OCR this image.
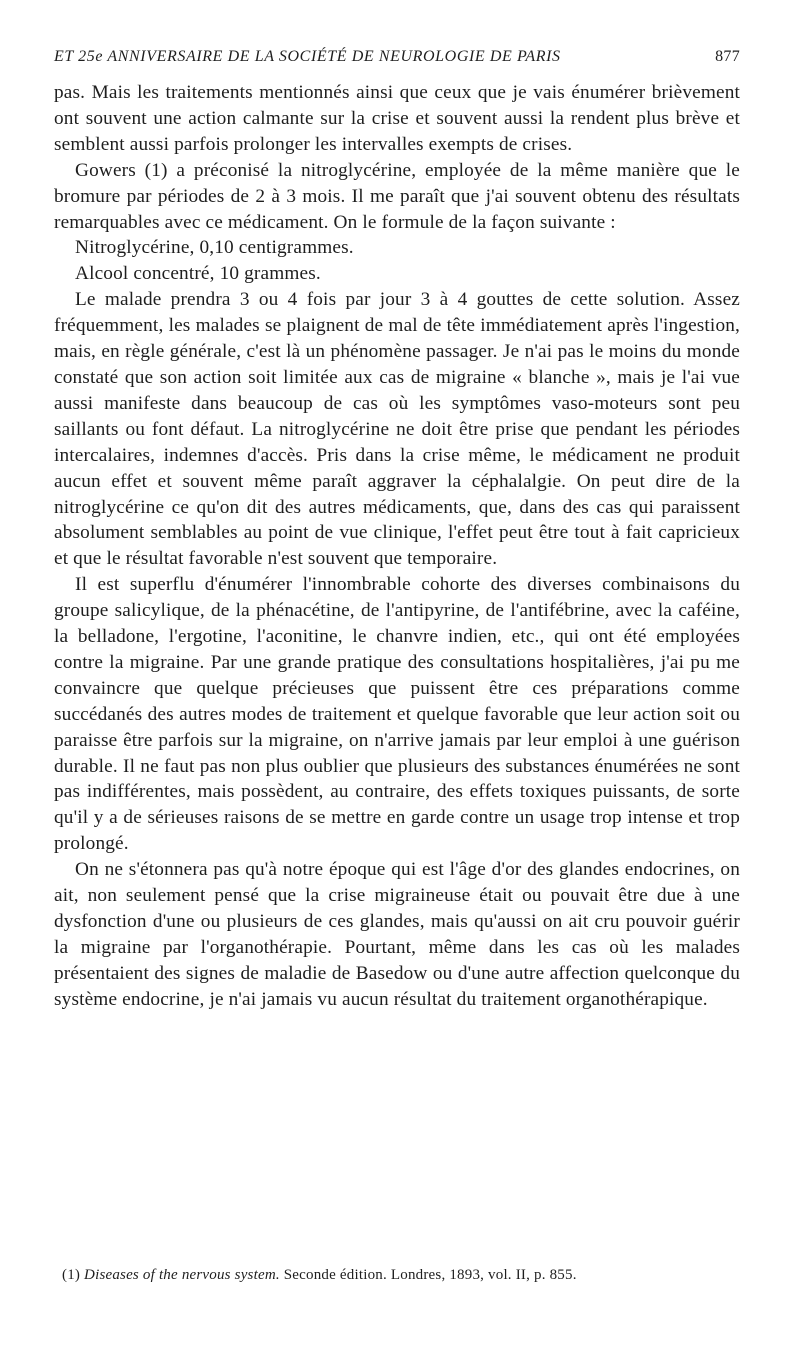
ET 25e ANNIVERSAIRE DE LA SOCIÉTÉ DE NEUROLOGIE DE PARIS	877

pas. Mais les traitements mentionnés ainsi que ceux que je vais énumérer brièvement ont souvent une action calmante sur la crise et souvent aussi la rendent plus brève et semblent aussi parfois prolonger les intervalles exempts de crises.

Gowers (1) a préconisé la nitroglycérine, employée de la même manière que le bromure par périodes de 2 à 3 mois. Il me paraît que j'ai souvent obtenu des résultats remarquables avec ce médicament. On le formule de la façon suivante :

Nitroglycérine, 0,10 centigrammes.

Alcool concentré, 10 grammes.

Le malade prendra 3 ou 4 fois par jour 3 à 4 gouttes de cette solution. Assez fréquemment, les malades se plaignent de mal de tête immédiatement après l'ingestion, mais, en règle générale, c'est là un phénomène passager. Je n'ai pas le moins du monde constaté que son action soit limitée aux cas de migraine « blanche », mais je l'ai vue aussi manifeste dans beaucoup de cas où les symptômes vaso-moteurs sont peu saillants ou font défaut. La nitroglycérine ne doit être prise que pendant les périodes intercalaires, indemnes d'accès. Pris dans la crise même, le médicament ne produit aucun effet et souvent même paraît aggraver la céphalalgie. On peut dire de la nitroglycérine ce qu'on dit des autres médicaments, que, dans des cas qui paraissent absolument semblables au point de vue clinique, l'effet peut être tout à fait capricieux et que le résultat favorable n'est souvent que temporaire.

Il est superflu d'énumérer l'innombrable cohorte des diverses combinaisons du groupe salicylique, de la phénacétine, de l'antipyrine, de l'antifébrine, avec la caféine, la belladone, l'ergotine, l'aconitine, le chanvre indien, etc., qui ont été employées contre la migraine. Par une grande pratique des consultations hospitalières, j'ai pu me convaincre que quelque précieuses que puissent être ces préparations comme succédanés des autres modes de traitement et quelque favorable que leur action soit ou paraisse être parfois sur la migraine, on n'arrive jamais par leur emploi à une guérison durable. Il ne faut pas non plus oublier que plusieurs des substances énumérées ne sont pas indifférentes, mais possèdent, au contraire, des effets toxiques puissants, de sorte qu'il y a de sérieuses raisons de se mettre en garde contre un usage trop intense et trop prolongé.

On ne s'étonnera pas qu'à notre époque qui est l'âge d'or des glandes endocrines, on ait, non seulement pensé que la crise migraineuse était ou pouvait être due à une dysfonction d'une ou plusieurs de ces glandes, mais qu'aussi on ait cru pouvoir guérir la migraine par l'organothérapie. Pourtant, même dans les cas où les malades présentaient des signes de maladie de Basedow ou d'une autre affection quelconque du système endocrine, je n'ai jamais vu aucun résultat du traitement organothérapique.

(1) Diseases of the nervous system. Seconde édition. Londres, 1893, vol. II, p. 855.
